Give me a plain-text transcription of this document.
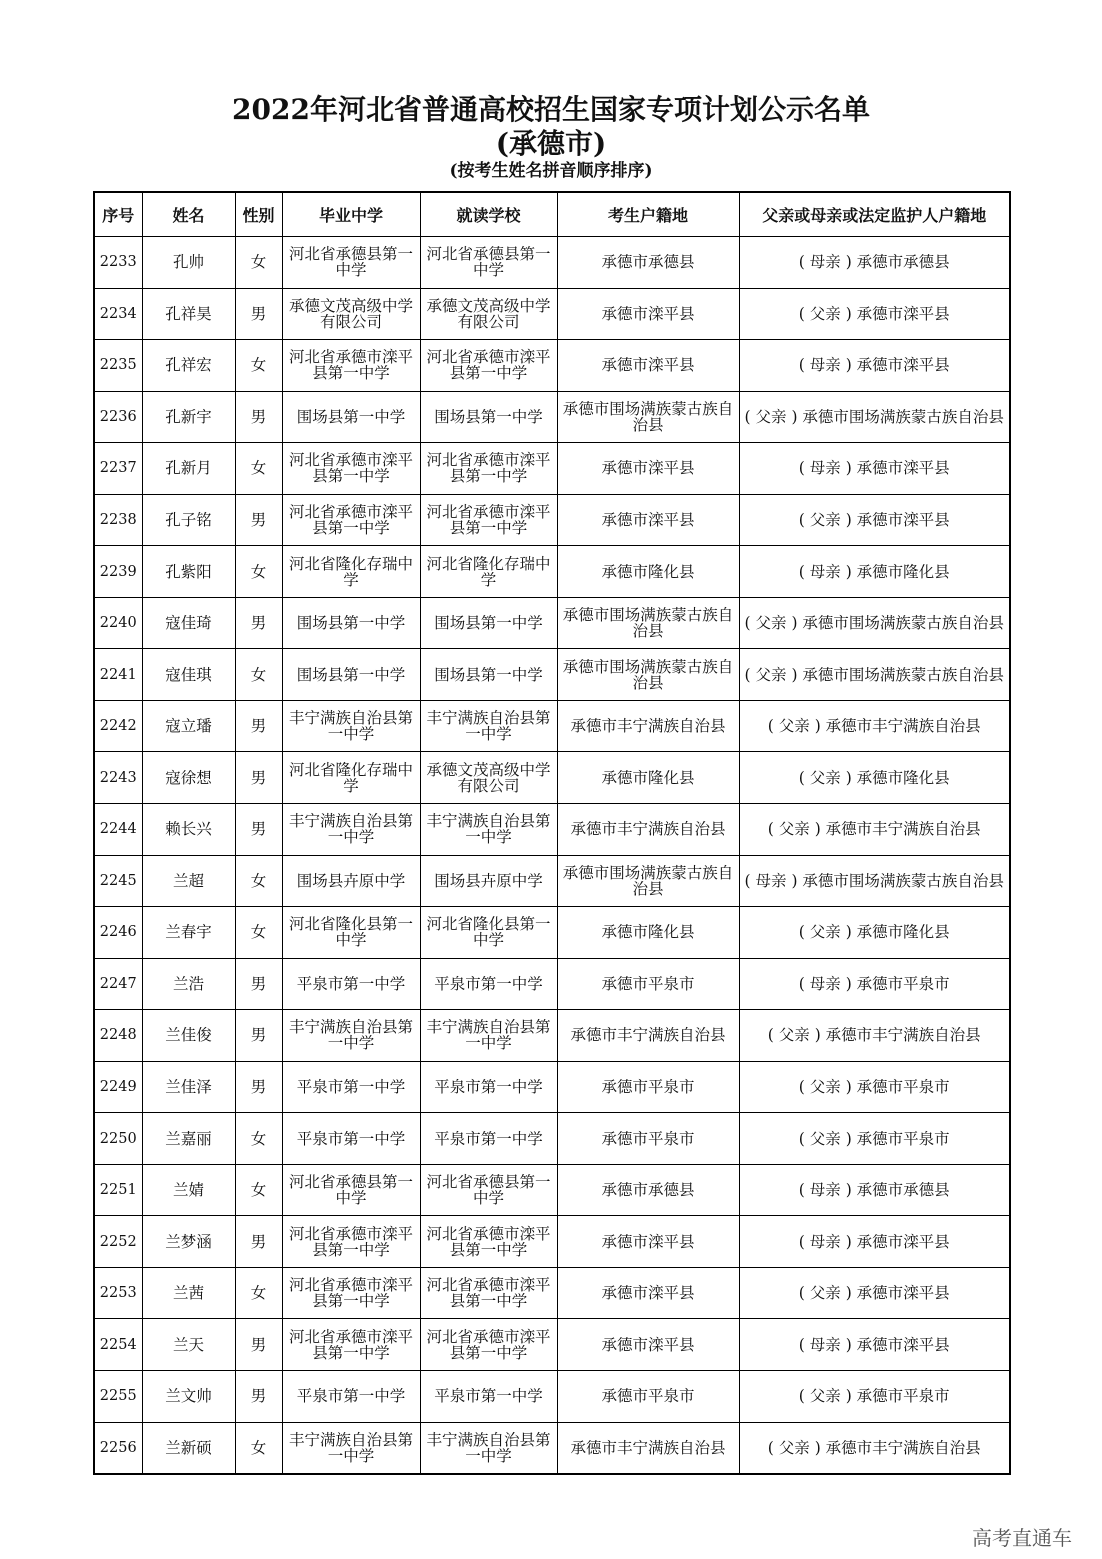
2022年河北省普通高校招生国家专项计划公示名单
(承德市)
(按考生姓名拼音顺序排序)
序号	姓名	性别	毕业中学	就读学校	考生户籍地	父亲或母亲或法定监护人户籍地
2233	孔帅	女	河北省承德县第一中学	河北省承德县第一中学	承德市承德县	( 母亲 ) 承德市承德县
2234	孔祥昊	男	承德文茂高级中学有限公司	承德文茂高级中学有限公司	承德市滦平县	( 父亲 ) 承德市滦平县
2235	孔祥宏	女	河北省承德市滦平县第一中学	河北省承德市滦平县第一中学	承德市滦平县	( 母亲 ) 承德市滦平县
2236	孔新宇	男	围场县第一中学	围场县第一中学	承德市围场满族蒙古族自治县	( 父亲 ) 承德市围场满族蒙古族自治县
2237	孔新月	女	河北省承德市滦平县第一中学	河北省承德市滦平县第一中学	承德市滦平县	( 母亲 ) 承德市滦平县
2238	孔子铭	男	河北省承德市滦平县第一中学	河北省承德市滦平县第一中学	承德市滦平县	( 父亲 ) 承德市滦平县
2239	孔紫阳	女	河北省隆化存瑞中学	河北省隆化存瑞中学	承德市隆化县	( 母亲 ) 承德市隆化县
2240	寇佳琦	男	围场县第一中学	围场县第一中学	承德市围场满族蒙古族自治县	( 父亲 ) 承德市围场满族蒙古族自治县
2241	寇佳琪	女	围场县第一中学	围场县第一中学	承德市围场满族蒙古族自治县	( 父亲 ) 承德市围场满族蒙古族自治县
2242	寇立璠	男	丰宁满族自治县第一中学	丰宁满族自治县第一中学	承德市丰宁满族自治县	( 父亲 ) 承德市丰宁满族自治县
2243	寇徐想	男	河北省隆化存瑞中学	承德文茂高级中学有限公司	承德市隆化县	( 父亲 ) 承德市隆化县
2244	赖长兴	男	丰宁满族自治县第一中学	丰宁满族自治县第一中学	承德市丰宁满族自治县	( 父亲 ) 承德市丰宁满族自治县
2245	兰超	女	围场县卉原中学	围场县卉原中学	承德市围场满族蒙古族自治县	( 母亲 ) 承德市围场满族蒙古族自治县
2246	兰春宇	女	河北省隆化县第一中学	河北省隆化县第一中学	承德市隆化县	( 父亲 ) 承德市隆化县
2247	兰浩	男	平泉市第一中学	平泉市第一中学	承德市平泉市	( 母亲 ) 承德市平泉市
2248	兰佳俊	男	丰宁满族自治县第一中学	丰宁满族自治县第一中学	承德市丰宁满族自治县	( 父亲 ) 承德市丰宁满族自治县
2249	兰佳泽	男	平泉市第一中学	平泉市第一中学	承德市平泉市	( 父亲 ) 承德市平泉市
2250	兰嘉丽	女	平泉市第一中学	平泉市第一中学	承德市平泉市	( 父亲 ) 承德市平泉市
2251	兰婧	女	河北省承德县第一中学	河北省承德县第一中学	承德市承德县	( 母亲 ) 承德市承德县
2252	兰梦涵	男	河北省承德市滦平县第一中学	河北省承德市滦平县第一中学	承德市滦平县	( 母亲 ) 承德市滦平县
2253	兰茜	女	河北省承德市滦平县第一中学	河北省承德市滦平县第一中学	承德市滦平县	( 父亲 ) 承德市滦平县
2254	兰天	男	河北省承德市滦平县第一中学	河北省承德市滦平县第一中学	承德市滦平县	( 母亲 ) 承德市滦平县
2255	兰文帅	男	平泉市第一中学	平泉市第一中学	承德市平泉市	( 父亲 ) 承德市平泉市
2256	兰新硕	女	丰宁满族自治县第一中学	丰宁满族自治县第一中学	承德市丰宁满族自治县	( 父亲 ) 承德市丰宁满族自治县
高考直通车
